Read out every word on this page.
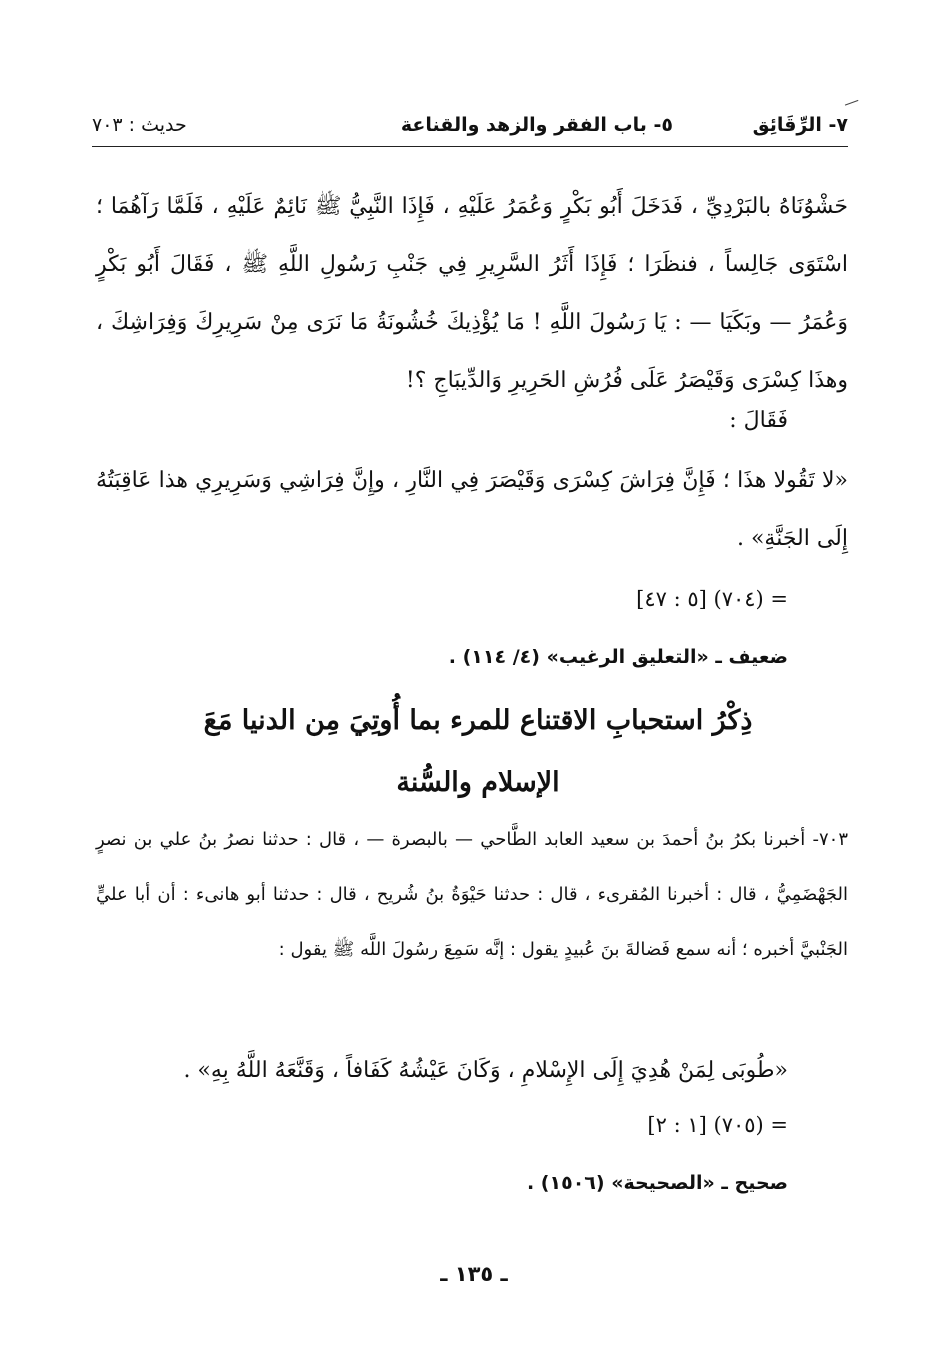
٧- الرِّقَائِق
٥- باب الفقر والزهد والقناعة
حديث : ٧٠٣

حَشْوُنَاهُ بالبَرْدِيِّ ، فَدَخَلَ أَبُو بَكْرٍ وَعُمَرُ عَلَيْهِ ، فَإِذَا النَّبِيُّ ﷺ نَائِمٌ عَلَيْهِ ، فَلَمَّا رَآهُمَا ؛ اسْتَوَى جَالِساً ، فنظَرَا ؛ فَإِذَا أَثَرُ السَّرِيرِ فِي جَنْبِ رَسُولِ اللَّهِ ﷺ ، فَقَالَ أَبُو بَكْرٍ وَعُمَرُ — وبَكَيَا — : يَا رَسُولَ اللَّهِ ! مَا يُؤْذِيكَ خُشُونَةُ مَا نَرَى مِنْ سَرِيرِكَ وَفِرَاشِكَ ، وهذَا كِسْرَى وَقَيْصَرُ عَلَى فُرُشِ الحَرِيرِ وَالدِّيبَاجِ ؟!

فَقَالَ :

«لا تَقُولا هذَا ؛ فَإِنَّ فِرَاشَ كِسْرَى وَقَيْصَرَ فِي النَّارِ ، وإِنَّ فِرَاشِي وَسَرِيرِي هذا عَاقِبَتُهُ إِلَى الجَنَّةِ» .

= (٧٠٤) [٥ : ٤٧]
ضعيف ـ «التعليق الرغيب» (٤/ ١١٤) .
ذِكْرُ استحبابِ الاقتناع للمرء بما أُوتِيَ مِن الدنيا مَعَ الإسلام والسُّنة

٧٠٣- أخبرنا بكرُ بنُ أحمدَ بن سعيد العابد الطَّاحي — بالبصرة — ، قال : حدثنا نصرُ بنُ علي بن نصرٍ الجَهْضَمِيُّ ، قال : أخبرنا المُقرىء ، قال : حدثنا حَيْوَةُ بنُ شُريح ، قال : حدثنا أبو هانىء : أن أبا عليٍّ الجَنْبيَّ أخبره ؛ أنه سمع فَضالةَ بنَ عُبيدٍ يقول : إنَّه سَمِعَ رسُولَ اللَّه ﷺ يقول :

«طُوبَى لِمَنْ هُدِيَ إِلَى الإِسْلامِ ، وَكَانَ عَيْشُهُ كَفَافاً ، وَقَنَّعَهُ اللَّهُ بِهِ» .

= (٧٠٥) [١ : ٢]
صحيح ـ «الصحيحة» (١٥٠٦) .
ـ ١٣٥ ـ
